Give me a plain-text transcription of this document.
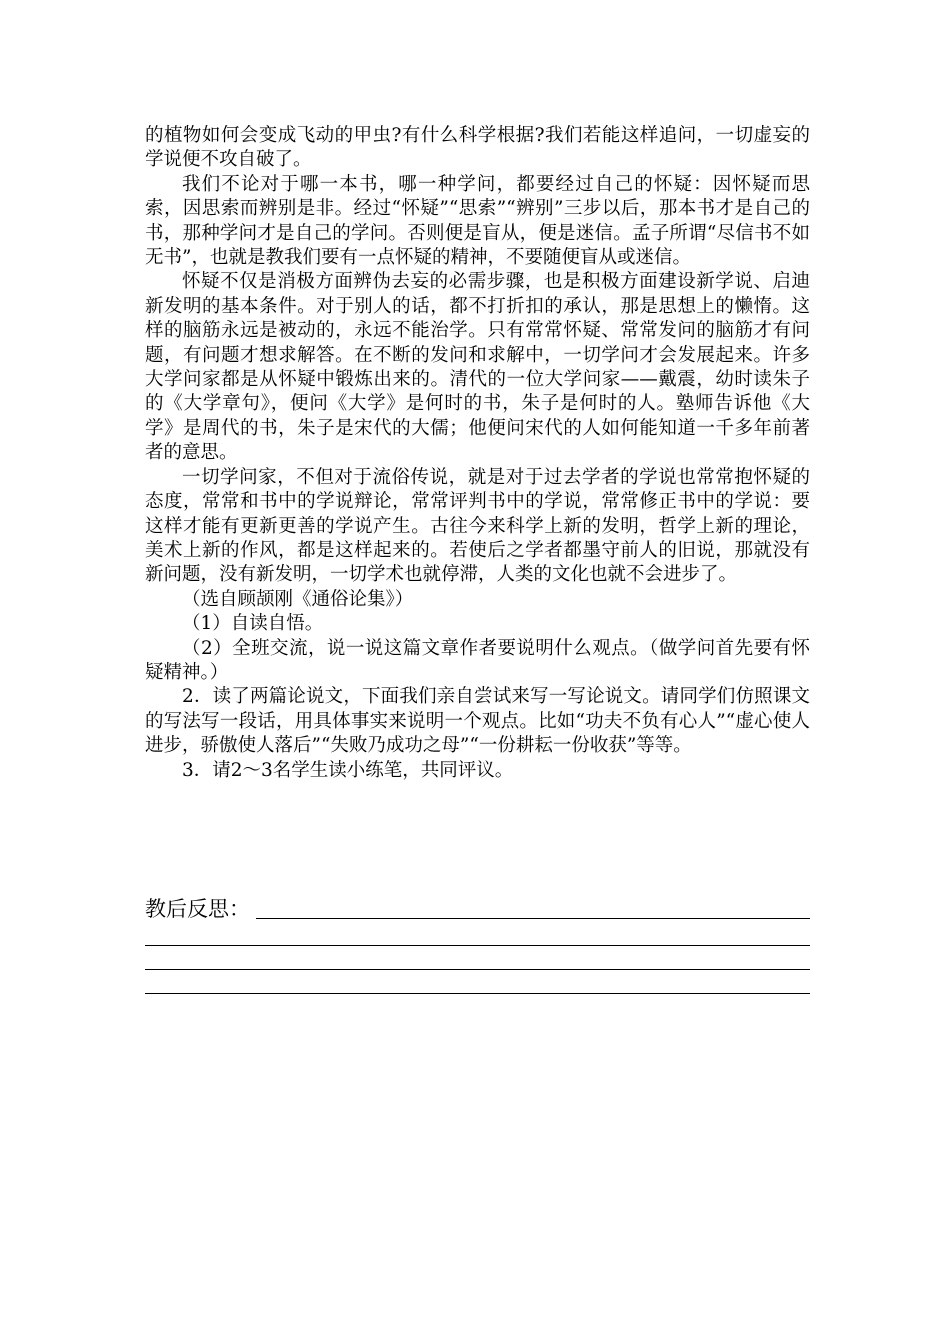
的植物如何会变成飞动的甲虫?有什么科学根据?我们若能这样追问，一切虚妄的学说便不攻自破了。

我们不论对于哪一本书，哪一种学问，都要经过自己的怀疑：因怀疑而思索，因思索而辨别是非。经过“怀疑”“思索”“辨别”三步以后，那本书才是自己的书，那种学问才是自己的学问。否则便是盲从，便是迷信。孟子所谓“尽信书不如无书”，也就是教我们要有一点怀疑的精神，不要随便盲从或迷信。

怀疑不仅是消极方面辨伪去妄的必需步骤，也是积极方面建设新学说、启迪新发明的基本条件。对于别人的话，都不打折扣的承认，那是思想上的懒惰。这样的脑筋永远是被动的，永远不能治学。只有常常怀疑、常常发问的脑筋才有问题，有问题才想求解答。在不断的发问和求解中，一切学问才会发展起来。许多大学问家都是从怀疑中锻炼出来的。清代的一位大学问家——戴震，幼时读朱子的《大学章句》，便问《大学》是何时的书，朱子是何时的人。塾师告诉他《大学》是周代的书，朱子是宋代的大儒；他便问宋代的人如何能知道一千多年前著者的意思。

一切学问家，不但对于流俗传说，就是对于过去学者的学说也常常抱怀疑的态度，常常和书中的学说辩论，常常评判书中的学说，常常修正书中的学说：要这样才能有更新更善的学说产生。古往今来科学上新的发明，哲学上新的理论，美术上新的作风，都是这样起来的。若使后之学者都墨守前人的旧说，那就没有新问题，没有新发明，一切学术也就停滞，人类的文化也就不会进步了。

（选自顾颉刚《通俗论集》）

（1）自读自悟。

（2）全班交流，说一说这篇文章作者要说明什么观点。（做学问首先要有怀疑精神。）

2．读了两篇论说文，下面我们亲自尝试来写一写论说文。请同学们仿照课文的写法写一段话，用具体事实来说明一个观点。比如“功夫不负有心人”“虚心使人进步，骄傲使人落后”“失败乃成功之母”“一份耕耘一份收获”等等。

3．请2～3名学生读小练笔，共同评议。

教后反思：
